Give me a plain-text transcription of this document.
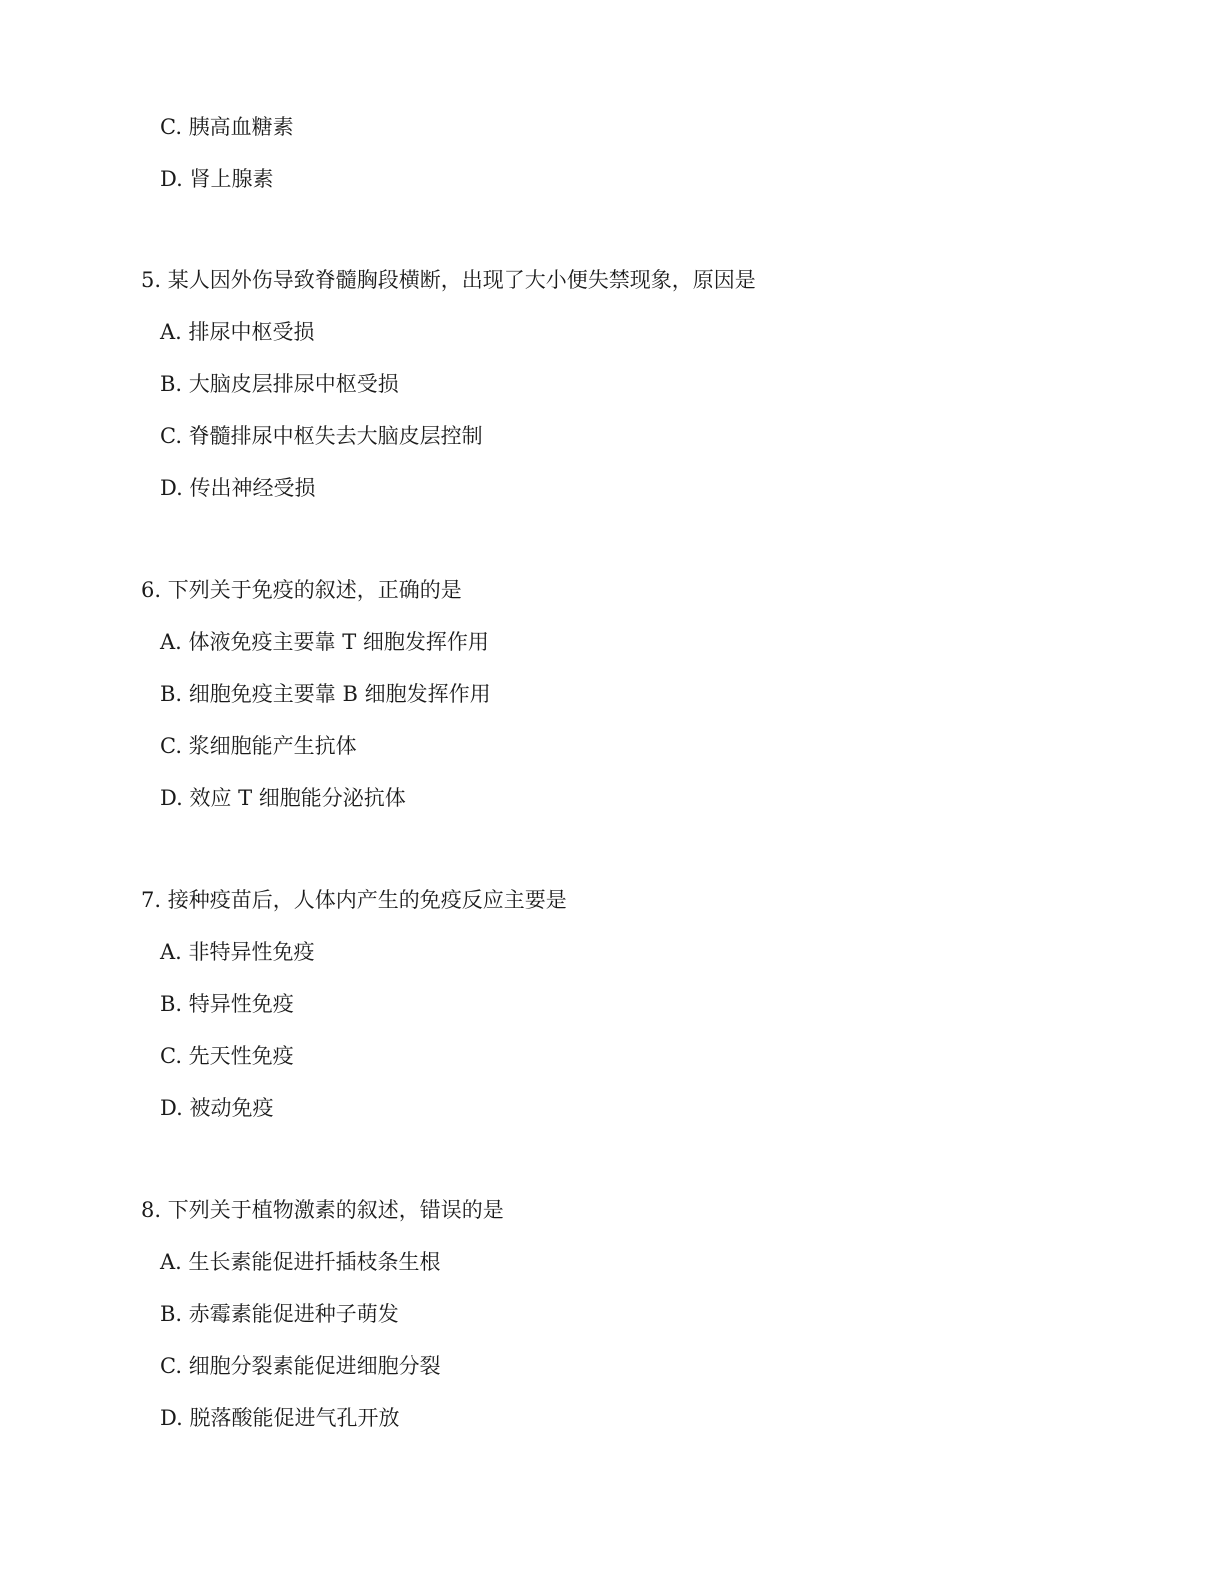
C. 胰高血糖素
D. 肾上腺素
5. 某人因外伤导致脊髓胸段横断，出现了大小便失禁现象，原因是
A. 排尿中枢受损
B. 大脑皮层排尿中枢受损
C. 脊髓排尿中枢失去大脑皮层控制
D. 传出神经受损
6. 下列关于免疫的叙述，正确的是
A. 体液免疫主要靠 T 细胞发挥作用
B. 细胞免疫主要靠 B 细胞发挥作用
C. 浆细胞能产生抗体
D. 效应 T 细胞能分泌抗体
7. 接种疫苗后，人体内产生的免疫反应主要是
A. 非特异性免疫
B. 特异性免疫
C. 先天性免疫
D. 被动免疫
8. 下列关于植物激素的叙述，错误的是
A. 生长素能促进扦插枝条生根
B. 赤霉素能促进种子萌发
C. 细胞分裂素能促进细胞分裂
D. 脱落酸能促进气孔开放
